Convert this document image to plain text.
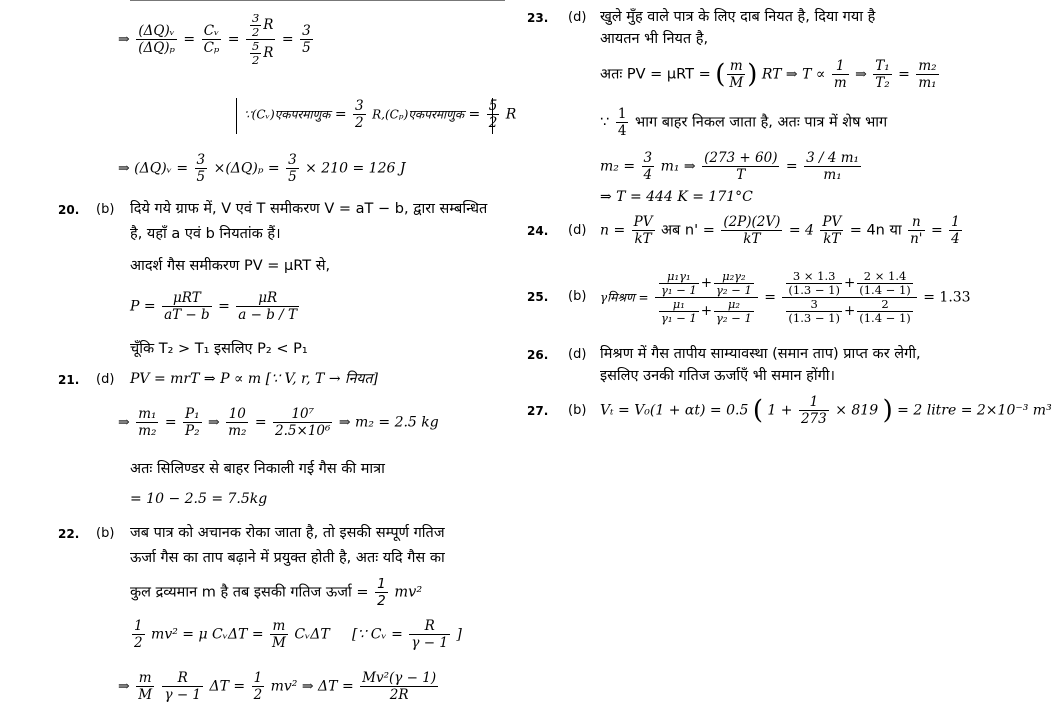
⇒ $\frac{\text{(ΔQ)ᵥ}}{\text{(ΔQ)ₚ}} = \frac{\text{Cᵥ}}{\text{Cₚ}} = \frac{\frac{3}{2} R}{\frac{5}{2} R} = \frac{3}{5}$
∵(Cᵥ)एकपरमाणुक = $\frac{3}{2}$ R,(Cₚ)एकपरमाणुक = $\frac{5}{2}$ R
⇒ (ΔQ)ᵥ = $\frac{3}{5} \times(\Delta Q)_p = \frac{3}{5} \times 210 = 126$ J
20. (b) दिये गये ग्राफ में, V एवं T समीकरण V = aT − b, द्वारा सम्बन्धित
है, यहाँ a एवं b नियतांक हैं।
आदर्श गैस समीकरण PV = μRT से,
P =
μRT
aT − b
= $\frac{\mu R}{a - b / T}$
चूँकि T₂ > T₁ इसलिए P₂ < P₁
21. (d) PV = mrT ⇒ P ∝ m [∵ V, r, T → नियत]
⇒ $\frac{\text{m₁}}{\text{m₂}} = \frac{\text{P₁}}{\text{P₂}}$ ⇒ $\frac{10}{\text{m₂}} = \frac{\text{10⁷}}{\text{2.5×10⁶}}$ ⇒ m₂ = 2.5 kg
अतः सिलिण्डर से बाहर निकाली गई गैस की मात्रा
= 10 − 2.5 = 7.5kg
22. (b) जब पात्र को अचानक रोका जाता है, तो इसकी सम्पूर्ण गतिज
ऊर्जा गैस का ताप बढ़ाने में प्रयुक्त होती है, अतः यदि गैस का
कुल द्रव्यमान m है तब इसकी गतिज ऊर्जा = $\frac{1}{2} mv^2$
$\frac{1}{2} mv^2 = \mu$ CᵥΔT = $\frac{m}{M}$ CᵥΔT [∵ Cᵥ = $\frac{R}{\gamma - 1}$ ]
⇒ $\frac{m}{M}$
$\frac{R}{\gamma - 1}$ $\Delta T = \frac{1}{2} mv^2$ ⇒ $\Delta T = \frac{\text{Mv²(γ − 1)}}{2R}$
23. (d) खुले मुँह वाले पात्र के लिए दाब नियत है, दिया गया है
आयतन भी नियत है,
अतः PV = μRT = ( $\frac{m}{M}$ ) RT ⇒ $T \propto \frac{1}{m}$ ⇒ $\frac{\text{T₁}}{\text{T₂}} = \frac{\text{m₂}}{\text{m₁}}$
∵ $\frac{1}{4}$ भाग बाहर निकल जाता है, अतः पात्र में शेष भाग
$m_2 = \frac{3}{4} m_1$ ⇒ $\frac{(273 + 60)}{T} = \frac{\text{3 / 4 m₁}}{\text{m₁}}$
⇒ T = 444 K = 171°C
24. (d) $n = \frac{PV}{kT}$ अब $n' = \frac{(2P)(2V)}{kT} = 4 \frac{PV}{kT} = 4n$ या $\frac{n}{n'} = \frac{1}{4}$
25. (b) γमिश्रण = $\frac{\frac{\text{μ₁γ₁}}{\text{γ₁ − 1}} + \frac{\text{μ₂γ₂}}{\text{γ₂ − 1}}}{\frac{\text{μ₁}}{\text{γ₁ − 1}} + \frac{\text{μ₂}}{\text{γ₂ − 1}}} = \frac{\frac{3 \times 1.3}{(1.3 - 1)} + \frac{2 \times 1.4}{(1.4 - 1)}}{\frac{3}{(1.3 - 1)} + \frac{2}{(1.4 - 1)}} = 1.33$
26. (d) मिश्रण में गैस तापीय साम्यावस्था (समान ताप) प्राप्त कर लेगी,
इसलिए उनकी गतिज ऊर्जाएँ भी समान होंगी।
27. (b) Vₜ = V₀(1 + αt) = 0.5 ( $1 + \frac{1}{273} \times 819$ ) = 2 litre = 2×10⁻³ m³
